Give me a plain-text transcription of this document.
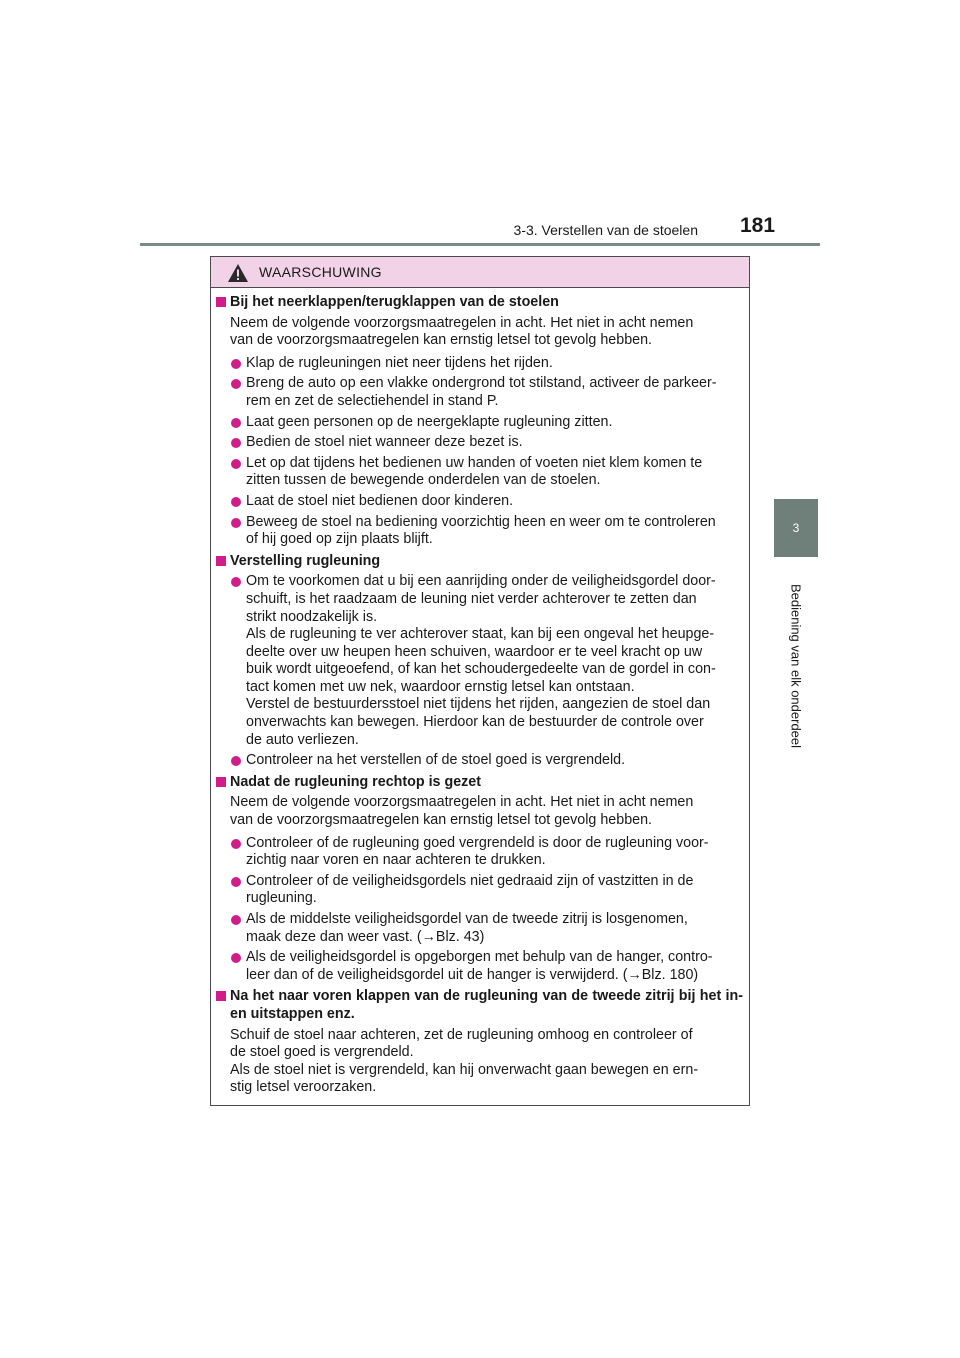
3-3. Verstellen van de stoelen 181
3
Bediening van elk onderdeel
WAARSCHUWING
Bij het neerklappen/terugklappen van de stoelen
Neem de volgende voorzorgsmaatregelen in acht. Het niet in acht nemen
van de voorzorgsmaatregelen kan ernstig letsel tot gevolg hebben.
Klap de rugleuningen niet neer tijdens het rijden.
Breng de auto op een vlakke ondergrond tot stilstand, activeer de parkeer-
rem en zet de selectiehendel in stand P.
Laat geen personen op de neergeklapte rugleuning zitten.
Bedien de stoel niet wanneer deze bezet is.
Let op dat tijdens het bedienen uw handen of voeten niet klem komen te
zitten tussen de bewegende onderdelen van de stoelen.
Laat de stoel niet bedienen door kinderen.
Beweeg de stoel na bediening voorzichtig heen en weer om te controleren
of hij goed op zijn plaats blijft.
Verstelling rugleuning
Om te voorkomen dat u bij een aanrijding onder de veiligheidsgordel door-
schuift, is het raadzaam de leuning niet verder achterover te zetten dan
strikt noodzakelijk is.
Als de rugleuning te ver achterover staat, kan bij een ongeval het heupge-
deelte over uw heupen heen schuiven, waardoor er te veel kracht op uw
buik wordt uitgeoefend, of kan het schoudergedeelte van de gordel in con-
tact komen met uw nek, waardoor ernstig letsel kan ontstaan.
Verstel de bestuurdersstoel niet tijdens het rijden, aangezien de stoel dan
onverwachts kan bewegen. Hierdoor kan de bestuurder de controle over
de auto verliezen.
Controleer na het verstellen of de stoel goed is vergrendeld.
Nadat de rugleuning rechtop is gezet
Neem de volgende voorzorgsmaatregelen in acht. Het niet in acht nemen
van de voorzorgsmaatregelen kan ernstig letsel tot gevolg hebben.
Controleer of de rugleuning goed vergrendeld is door de rugleuning voor-
zichtig naar voren en naar achteren te drukken.
Controleer of de veiligheidsgordels niet gedraaid zijn of vastzitten in de
rugleuning.
Als de middelste veiligheidsgordel van de tweede zitrij is losgenomen,
maak deze dan weer vast. (→Blz. 43)
Als de veiligheidsgordel is opgeborgen met behulp van de hanger, contro-
leer dan of de veiligheidsgordel uit de hanger is verwijderd. (→Blz. 180)
Na het naar voren klappen van de rugleuning van de tweede zitrij bij het in- en uitstappen enz.
Schuif de stoel naar achteren, zet de rugleuning omhoog en controleer of
de stoel goed is vergrendeld.
Als de stoel niet is vergrendeld, kan hij onverwacht gaan bewegen en ern-
stig letsel veroorzaken.
